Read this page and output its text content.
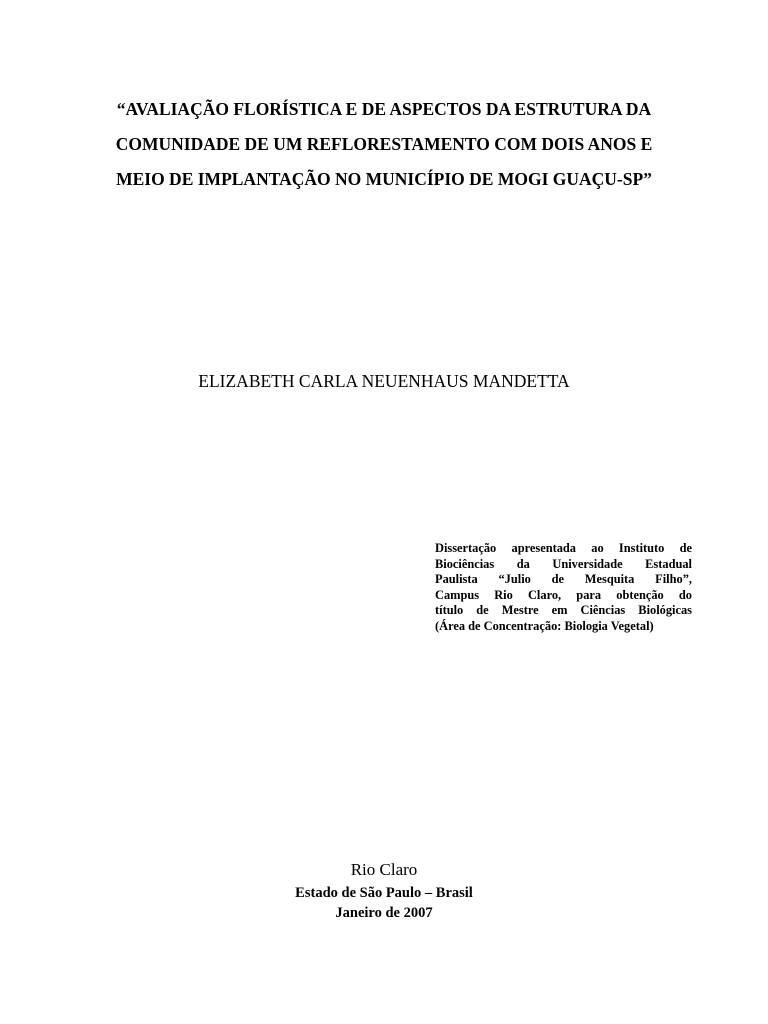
“AVALIAÇÃO FLORÍSTICA E DE ASPECTOS DA ESTRUTURA DA
COMUNIDADE DE UM REFLORESTAMENTO COM DOIS ANOS E
MEIO DE IMPLANTAÇÃO NO MUNICÍPIO DE MOGI GUAÇU-SP”

ELIZABETH CARLA NEUENHAUS MANDETTA

Dissertação apresentada ao Instituto de
Biociências da Universidade Estadual
Paulista “Julio de Mesquita Filho”,
Campus Rio Claro, para obtenção do
título de Mestre em Ciências Biológicas
(Área de Concentração: Biologia Vegetal)

Rio Claro
Estado de São Paulo – Brasil
Janeiro de 2007
